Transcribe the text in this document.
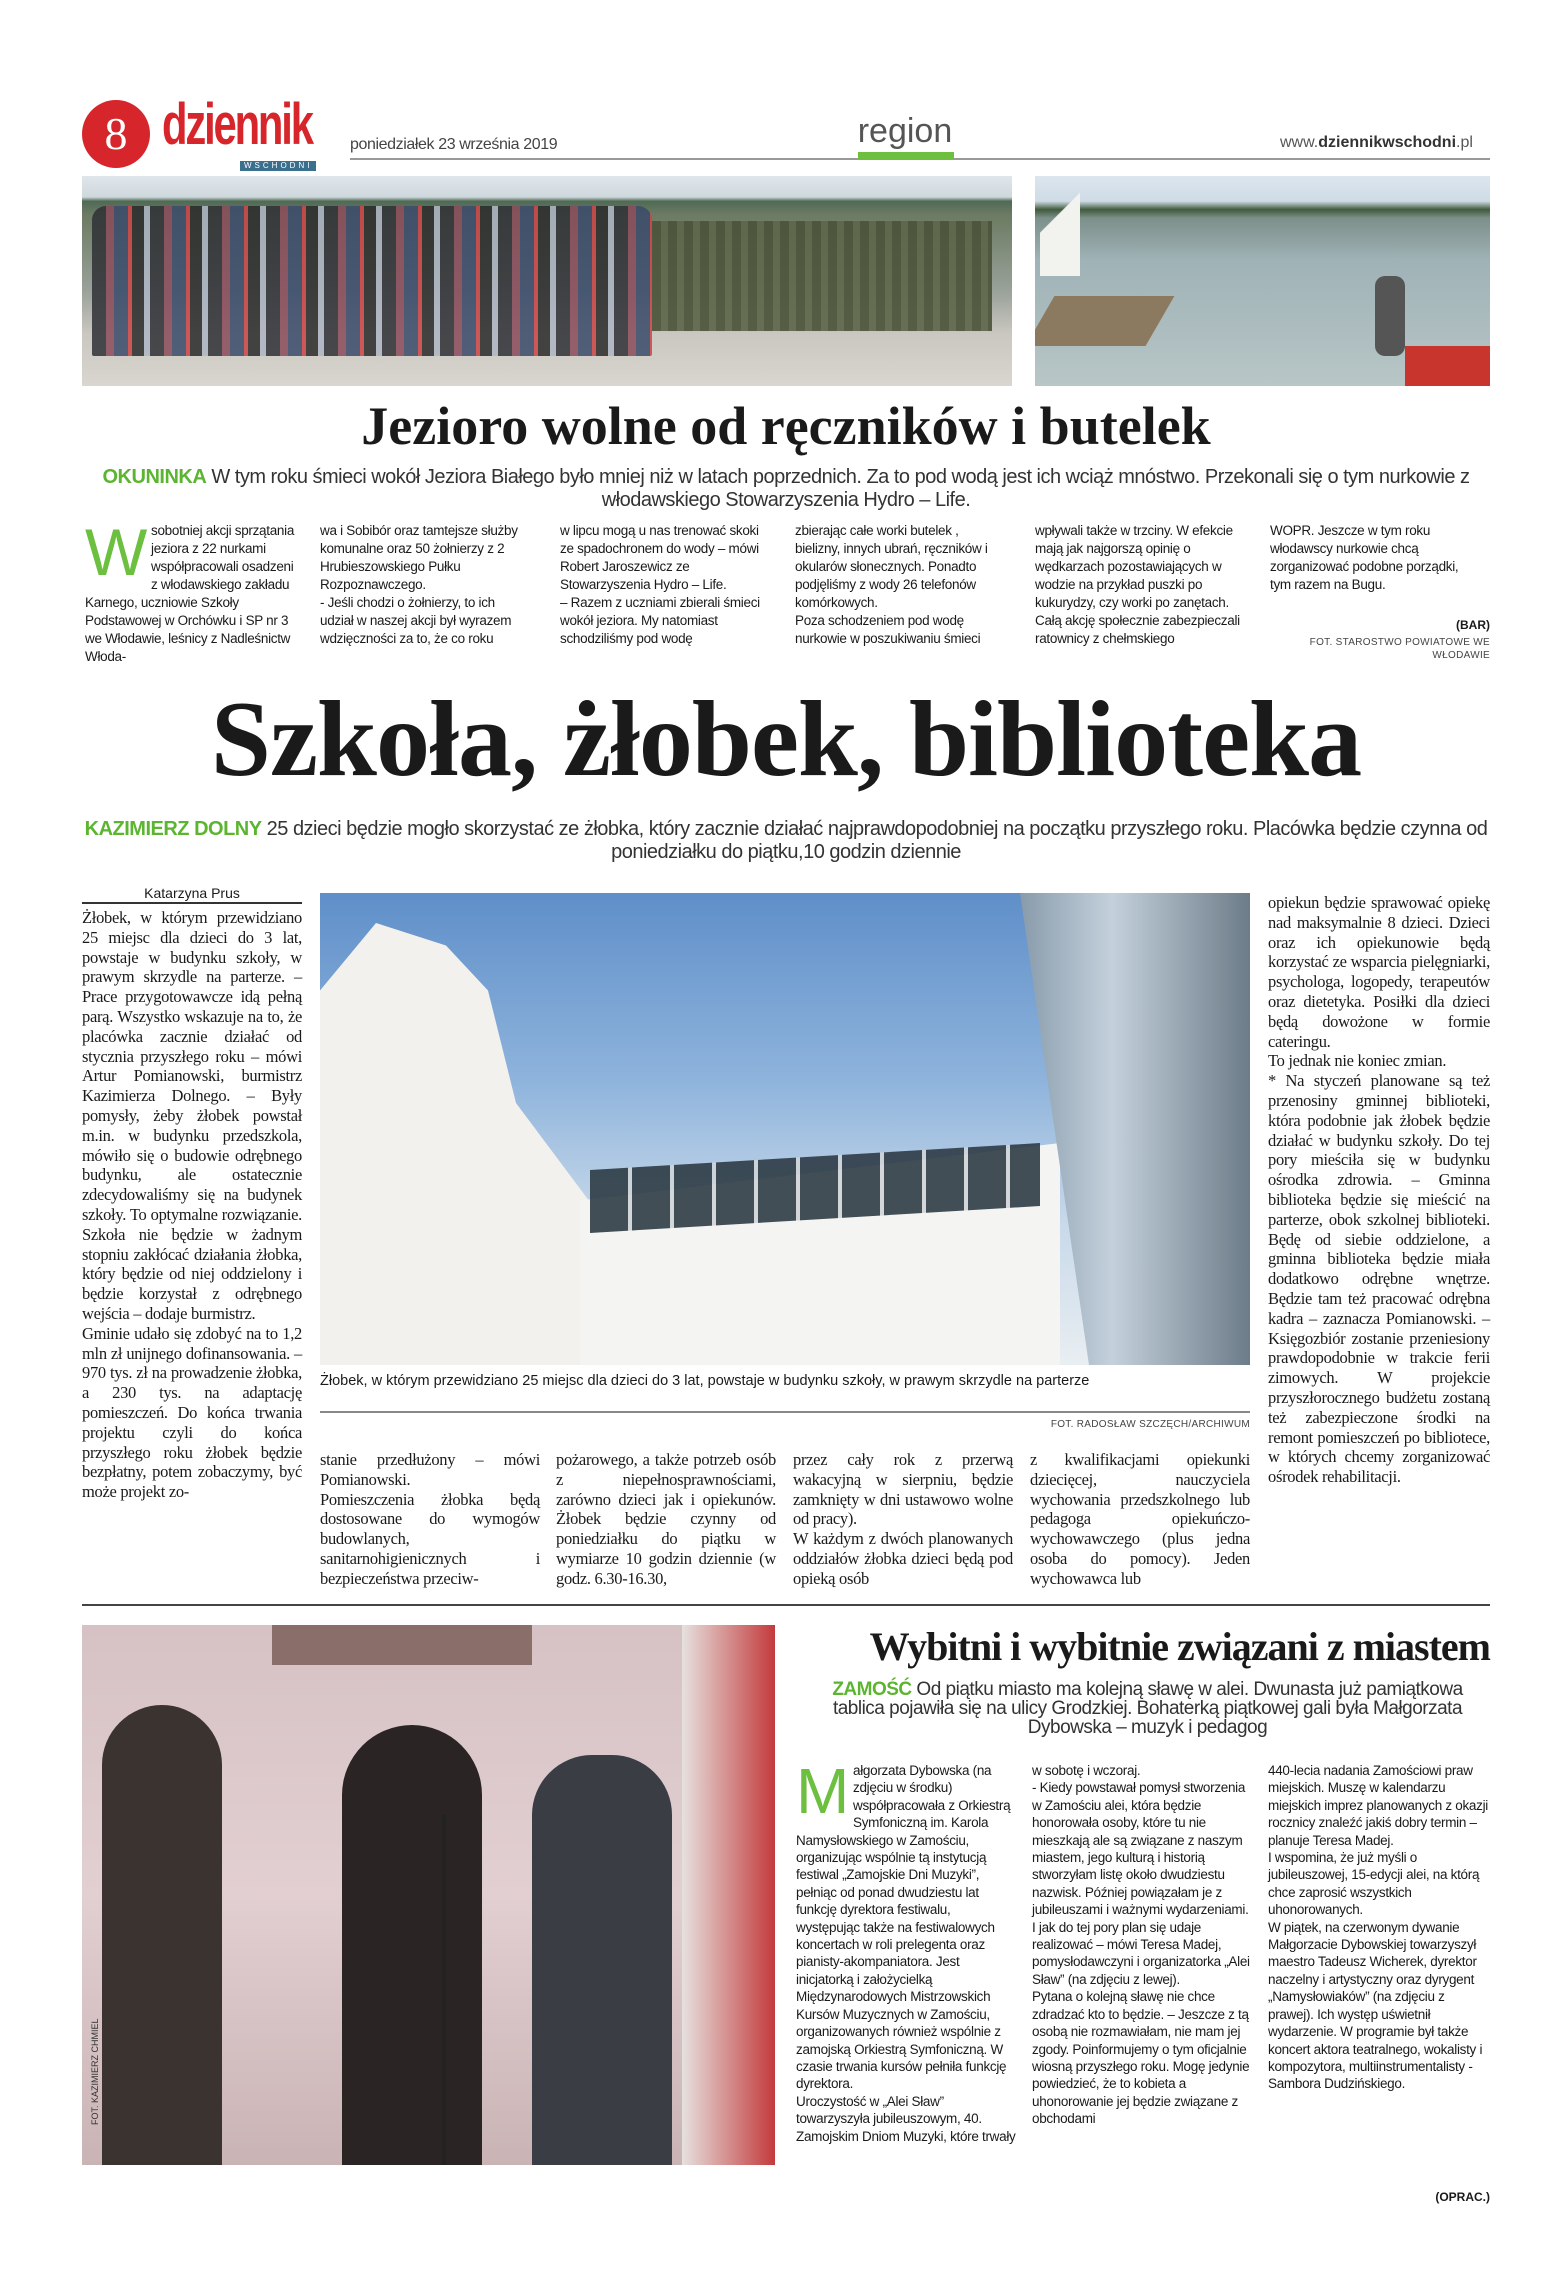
8 dziennik
WSCHODNI
poniedziałek 23 września 2019	region	www.dziennikwschodni.pl
Jezioro wolne od ręczników i butelek
OKUNINKA W tym roku śmieci wokół Jeziora Białego było mniej niż w latach poprzednich. Za to pod wodą jest ich wciąż mnóstwo. Przekonali się o tym nurkowie z włodawskiego Stowarzyszenia Hydro – Life.
Wsobotniej akcji sprzątania jeziora z 22 nurkami współpracowali osadzeni z włodawskiego zakładu Karnego, uczniowie Szkoły Podstawowej w Orchówku i SP nr 3 we Włodawie, leśnicy z Nadleśnictw Włoda-
wa i Sobibór oraz tamtejsze służby komunalne oraz 50 żołnierzy z 2 Hrubieszowskiego Pułku Rozpoznawczego.
- Jeśli chodzi o żołnierzy, to ich udział w naszej akcji był wyrazem wdzięczności za to, że co roku
w lipcu mogą u nas trenować skoki ze spadochronem do wody – mówi Robert Jaroszewicz ze Stowarzyszenia Hydro – Life.
– Razem z uczniami zbierali śmieci wokół jeziora. My natomiast schodziliśmy pod wodę
zbierając całe worki butelek , bielizny, innych ubrań, ręczników i okularów słonecznych. Ponadto podjęliśmy z wody 26 telefonów komórkowych.
Poza schodzeniem pod wodę nurkowie w poszukiwaniu śmieci
wpływali także w trzciny. W efekcie mają jak najgorszą opinię o wędkarzach pozostawiających w wodzie na przykład puszki po kukurydzy, czy worki po zanętach. Całą akcję społecznie zabezpieczali ratownicy z chełmskiego
WOPR. Jeszcze w tym roku włodawscy nurkowie chcą zorganizować podobne porządki, tym razem na Bugu.
(BAR)
FOT. STAROSTWO POWIATOWE WE WŁODAWIE
Szkoła, żłobek, biblioteka
KAZIMIERZ DOLNY 25 dzieci będzie mogło skorzystać ze żłobka, który zacznie działać najprawdopodobniej na początku przyszłego roku. Placówka będzie czynna od poniedziałku do piątku,10 godzin dziennie
Katarzyna Prus
Żłobek, w którym przewidziano 25 miejsc dla dzieci do 3 lat, powstaje w budynku szkoły, w prawym skrzydle na parterze. – Prace przygotowawcze idą pełną parą. Wszystko wskazuje na to, że placówka zacznie działać od stycznia przyszłego roku – mówi Artur Pomianowski, burmistrz Kazimierza Dolnego. – Były pomysły, żeby żłobek powstał m.in. w budynku przedszkola, mówiło się o budowie odrębnego budynku, ale ostatecznie zdecydowaliśmy się na budynek szkoły. To optymalne rozwiązanie. Szkoła nie będzie w żadnym stopniu zakłócać działania żłobka, który będzie od niej oddzielony i będzie korzystał z odrębnego wejścia – dodaje burmistrz.
Gminie udało się zdobyć na to 1,2 mln zł unijnego dofinansowania. – 970 tys. zł na prowadzenie żłobka, a 230 tys. na adaptację pomieszczeń. Do końca trwania projektu czyli do końca przyszłego roku żłobek będzie bezpłatny, potem zobaczymy, być może projekt zo-
Żłobek, w którym przewidziano 25 miejsc dla dzieci do 3 lat, powstaje w budynku szkoły, w prawym skrzydle na parterze
FOT. RADOSŁAW SZCZĘCH/ARCHIWUM
stanie przedłużony – mówi Pomianowski.
Pomieszczenia żłobka będą dostosowane do wymogów budowlanych, sanitarnohigienicznych i bezpieczeństwa przeciw-
pożarowego, a także potrzeb osób z niepełnosprawnościami, zarówno dzieci jak i opiekunów. Żłobek będzie czynny od poniedziałku do piątku w wymiarze 10 godzin dziennie (w godz. 6.30-16.30,
przez cały rok z przerwą wakacyjną w sierpniu, będzie zamknięty w dni ustawowo wolne od pracy).
W każdym z dwóch planowanych oddziałów żłobka dzieci będą pod opieką osób
z kwalifikacjami opiekunki dziecięcej, nauczyciela wychowania przedszkolnego lub pedagoga opiekuńczo-wychowawczego (plus jedna osoba do pomocy). Jeden wychowawca lub
opiekun będzie sprawować opiekę nad maksymalnie 8 dzieci. Dzieci oraz ich opiekunowie będą korzystać ze wsparcia pielęgniarki, psychologa, logopedy, terapeutów oraz dietetyka. Posiłki dla dzieci będą dowożone w formie cateringu.
To jednak nie koniec zmian.
* Na styczeń planowane są też przenosiny gminnej biblioteki, która podobnie jak żłobek będzie działać w budynku szkoły. Do tej pory mieściła się w budynku ośrodka zdrowia. – Gminna biblioteka będzie się mieścić na parterze, obok szkolnej biblioteki. Będę od siebie oddzielone, a gminna biblioteka będzie miała dodatkowo odrębne wnętrze. Będzie tam też pracować odrębna kadra – zaznacza Pomianowski. – Księgozbiór zostanie przeniesiony prawdopodobnie w trakcie ferii zimowych. W projekcie przyszłorocznego budżetu zostaną też zabezpieczone środki na remont pomieszczeń po bibliotece, w których chcemy zorganizować ośrodek rehabilitacji.
FOT. KAZIMIERZ CHMIEL
Wybitni i wybitnie związani z miastem
ZAMOŚĆ Od piątku miasto ma kolejną sławę w alei. Dwunasta już pamiątkowa tablica pojawiła się na ulicy Grodzkiej. Bohaterką piątkowej gali była Małgorzata Dybowska – muzyk i pedagog
Małgorzata Dybowska (na zdjęciu w środku) współpracowała z Orkiestrą Symfoniczną im. Karola Namysłowskiego w Zamościu, organizując wspólnie tą instytucją festiwal „Zamojskie Dni Muzyki”, pełniąc od ponad dwudziestu lat funkcję dyrektora festiwalu, występując także na festiwalowych koncertach w roli prelegenta oraz pianisty-akompaniatora. Jest inicjatorką i założycielką Międzynarodowych Mistrzowskich Kursów Muzycznych w Zamościu, organizowanych również wspólnie z zamojską Orkiestrą Symfoniczną. W czasie trwania kursów pełniła funkcję dyrektora.
Uroczystość w „Alei Sław” towarzyszyła jubileuszowym, 40. Zamojskim Dniom Muzyki, które trwały
w sobotę i wczoraj.
- Kiedy powstawał pomysł stworzenia w Zamościu alei, która będzie honorowała osoby, które tu nie mieszkają ale są związane z naszym miastem, jego kulturą i historią stworzyłam listę około dwudziestu nazwisk. Później powiązałam je z jubileuszami i ważnymi wydarzeniami. I jak do tej pory plan się udaje realizować – mówi Teresa Madej, pomysłodawczyni i organizatorka „Alei Sław” (na zdjęciu z lewej).
Pytana o kolejną sławę nie chce zdradzać kto to będzie. – Jeszcze z tą osobą nie rozmawiałam, nie mam jej zgody. Poinformujemy o tym oficjalnie wiosną przyszłego roku. Mogę jedynie powiedzieć, że to kobieta a uhonorowanie jej będzie związane z obchodami
440-lecia nadania Zamościowi praw miejskich. Muszę w kalendarzu miejskich imprez planowanych z okazji rocznicy znaleźć jakiś dobry termin – planuje Teresa Madej.
I wspomina, że już myśli o jubileuszowej, 15-edycji alei, na którą chce zaprosić wszystkich uhonorowanych.
W piątek, na czerwonym dywanie Małgorzacie Dybowskiej towarzyszył maestro Tadeusz Wicherek, dyrektor naczelny i artystyczny oraz dyrygent „Namysłowiaków” (na zdjęciu z prawej). Ich występ uświetnił wydarzenie. W programie był także koncert aktora teatralnego, wokalisty i kompozytora, multiinstrumentalisty - Sambora Dudzińskiego.
(OPRAC.)
